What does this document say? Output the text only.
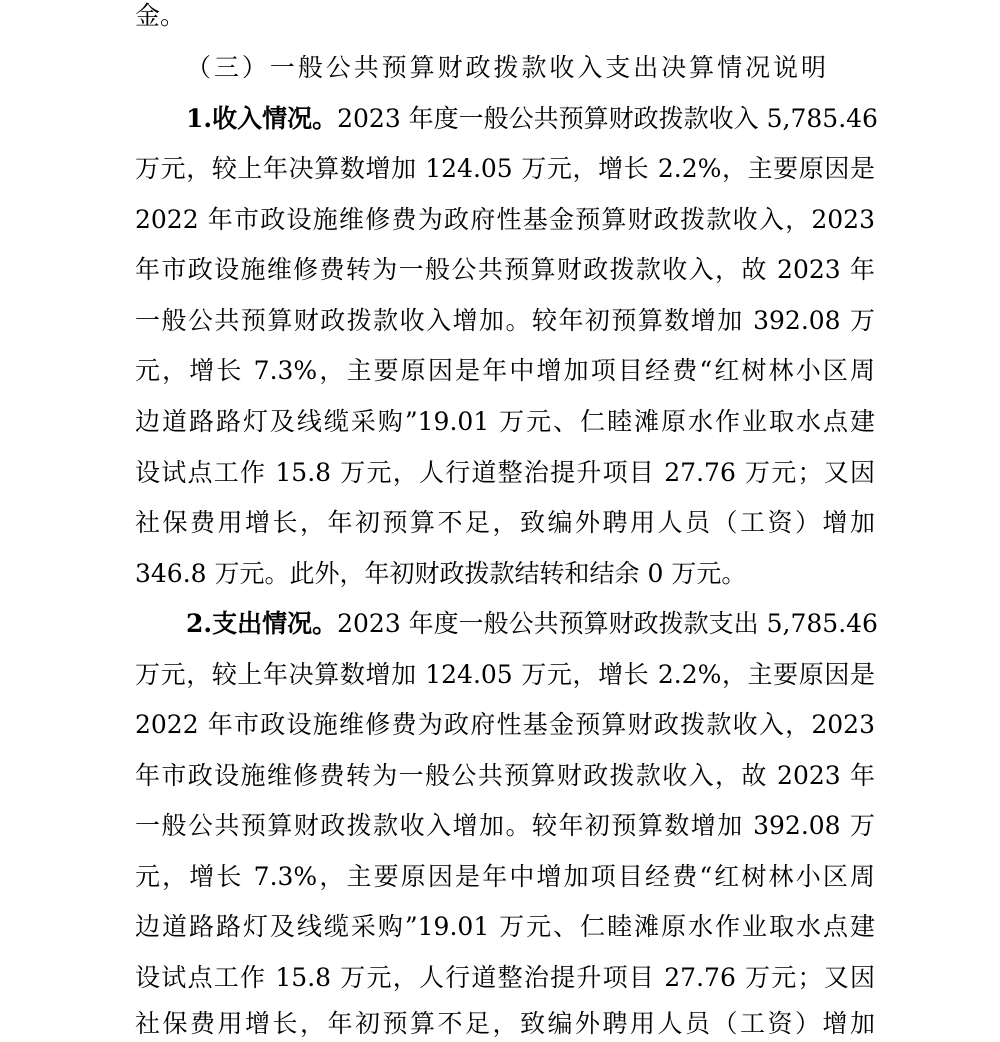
金。
（三）一般公共预算财政拨款收入支出决算情况说明
1.收入情况。2023 年度一般公共预算财政拨款收入 5,785.46
万元，较上年决算数增加 124.05 万元，增长 2.2%，主要原因是
2022 年市政设施维修费为政府性基金预算财政拨款收入，2023
年市政设施维修费转为一般公共预算财政拨款收入，故 2023 年
一般公共预算财政拨款收入增加。较年初预算数增加 392.08 万
元，增长 7.3%，主要原因是年中增加项目经费“红树林小区周
边道路路灯及线缆采购”19.01 万元、仁睦滩原水作业取水点建
设试点工作 15.8 万元，人行道整治提升项目 27.76 万元；又因
社保费用增长，年初预算不足，致编外聘用人员（工资）增加
346.8 万元。此外，年初财政拨款结转和结余 0 万元。
2.支出情况。2023 年度一般公共预算财政拨款支出 5,785.46
万元，较上年决算数增加 124.05 万元，增长 2.2%，主要原因是
2022 年市政设施维修费为政府性基金预算财政拨款收入，2023
年市政设施维修费转为一般公共预算财政拨款收入，故 2023 年
一般公共预算财政拨款收入增加。较年初预算数增加 392.08 万
元，增长 7.3%，主要原因是年中增加项目经费“红树林小区周
边道路路灯及线缆采购”19.01 万元、仁睦滩原水作业取水点建
设试点工作 15.8 万元，人行道整治提升项目 27.76 万元；又因
社保费用增长，年初预算不足，致编外聘用人员（工资）增加
